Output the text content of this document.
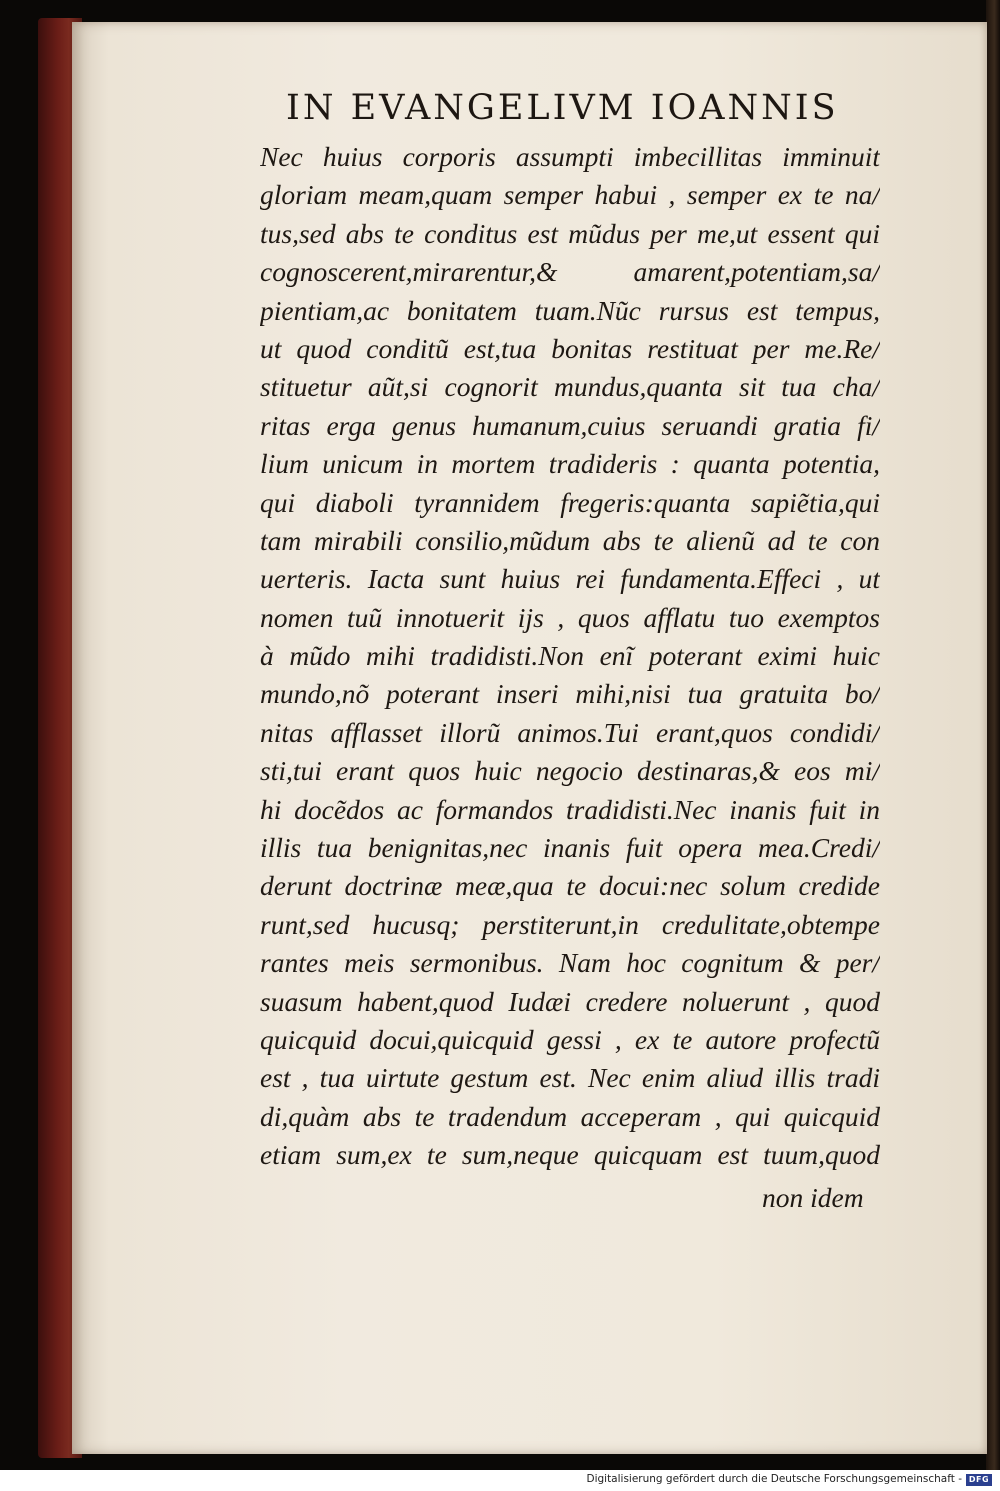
IN EVANGELIVM IOANNIS
Nec huius corporis assumpti imbecillitas imminuit
gloriam meam,quam semper habui , semper ex te na/
tus,sed abs te conditus est mũdus per me,ut essent qui
cognoscerent,mirarentur,& amarent,potentiam,sa/
pientiam,ac bonitatem tuam.Nũc rursus est tempus,
ut quod conditũ est,tua bonitas restituat per me.Re/
stituetur aũt,si cognorit mundus,quanta sit tua cha/
ritas erga genus humanum,cuius seruandi gratia fi/
lium unicum in mortem tradideris : quanta potentia,
qui diaboli tyrannidem fregeris:quanta sapiẽtia,qui
tam mirabili consilio,mũdum abs te alienũ ad te con
uerteris. Iacta sunt huius rei fundamenta.Effeci , ut
nomen tuũ innotuerit ijs , quos afflatu tuo exemptos
à mũdo mihi tradidisti.Non enĩ poterant eximi huic
mundo,nõ poterant inseri mihi,nisi tua gratuita bo/
nitas afflasset illorũ animos.Tui erant,quos condidi/
sti,tui erant quos huic negocio destinaras,& eos mi/
hi docẽdos ac formandos tradidisti.Nec inanis fuit in
illis tua benignitas,nec inanis fuit opera mea.Credi/
derunt doctrinæ meæ,qua te docui:nec solum credide
runt,sed hucusq; perstiterunt,in credulitate,obtempe
rantes meis sermonibus. Nam hoc cognitum & per/
suasum habent,quod Iudæi credere noluerunt , quod
quicquid docui,quicquid gessi , ex te autore profectũ
est , tua uirtute gestum est. Nec enim aliud illis tradi
di,quàm abs te tradendum acceperam , qui quicquid
etiam sum,ex te sum,neque quicquam est tuum,quod
non idem
Digitalisierung gefördert durch die Deutsche Forschungsgemeinschaft - DFG
